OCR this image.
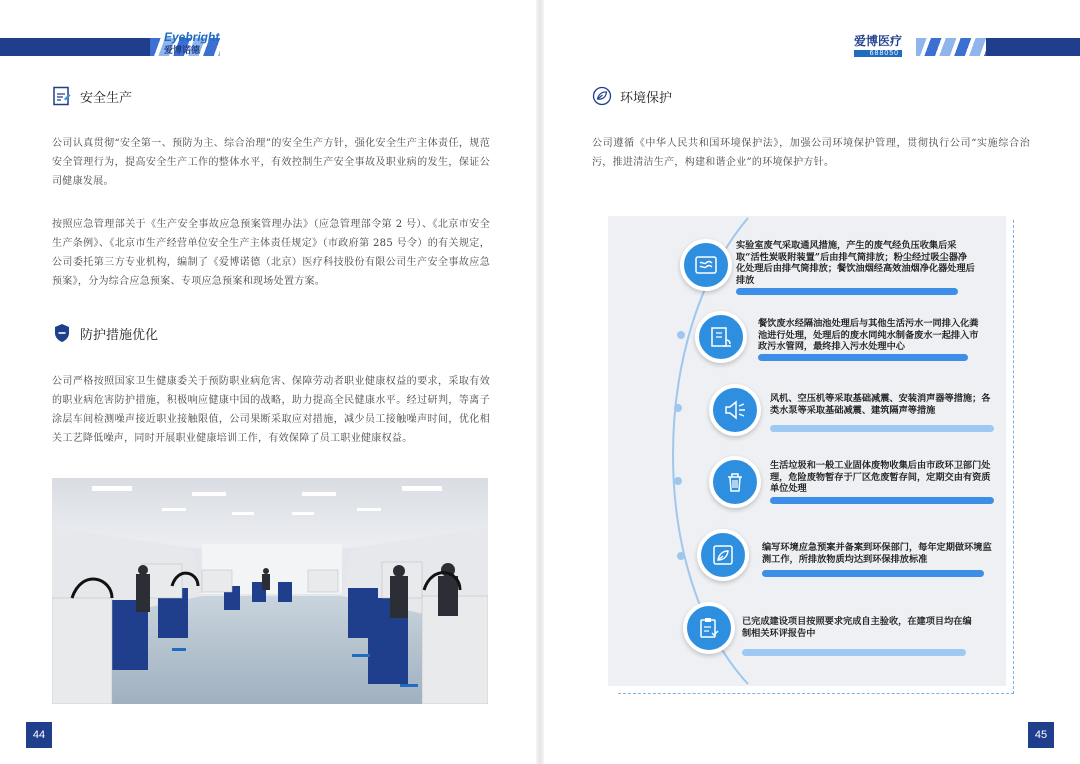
Eyebright
爱博诺德
安全生产

公司认真贯彻“安全第一、预防为主、综合治理”的安全生产方针，强化安全生产主体责任，规范安全管理行为，提高安全生产工作的整体水平，有效控制生产安全事故及职业病的发生，保证公司健康发展。

按照应急管理部关于《生产安全事故应急预案管理办法》（应急管理部令第 2 号）、《北京市安全生产条例》、《北京市生产经营单位安全生产主体责任规定》（市政府第 285 号令）的有关规定，公司委托第三方专业机构，编制了《爱博诺德（北京）医疗科技股份有限公司生产安全事故应急预案》，分为综合应急预案、专项应急预案和现场处置方案。

防护措施优化

公司严格按照国家卫生健康委关于预防职业病危害、保障劳动者职业健康权益的要求，采取有效的职业病危害防护措施，积极响应健康中国的战略，助力提高全民健康水平。经过研判，等离子涂层车间检测噪声接近职业接触限值，公司果断采取应对措施，减少员工接触噪声时间，优化相关工艺降低噪声，同时开展职业健康培训工作，有效保障了员工职业健康权益。

44
爱博医疗
688050
环境保护

公司遵循《中华人民共和国环境保护法》，加强公司环境保护管理，贯彻执行公司“实施综合治污，推进清洁生产，构建和谐企业”的环境保护方针。

实验室废气采取通风措施，产生的废气经负压收集后采取“活性炭吸附装置”后由排气筒排放；粉尘经过吸尘器净化处理后由排气筒排放；餐饮油烟经高效油烟净化器处理后排放
餐饮废水经隔油池处理后与其他生活污水一同排入化粪池进行处理，处理后的废水同纯水制备废水一起排入市政污水管网，最终排入污水处理中心
风机、空压机等采取基础减震、安装消声器等措施；各类水泵等采取基础减震、建筑隔声等措施
生活垃圾和一般工业固体废物收集后由市政环卫部门处理，危险废物暂存于厂区危废暂存间，定期交由有资质单位处理
编写环境应急预案并备案到环保部门，每年定期做环境监测工作，所排放物质均达到环保排放标准
已完成建设项目按照要求完成自主验收，在建项目均在编制相关环评报告中
45
